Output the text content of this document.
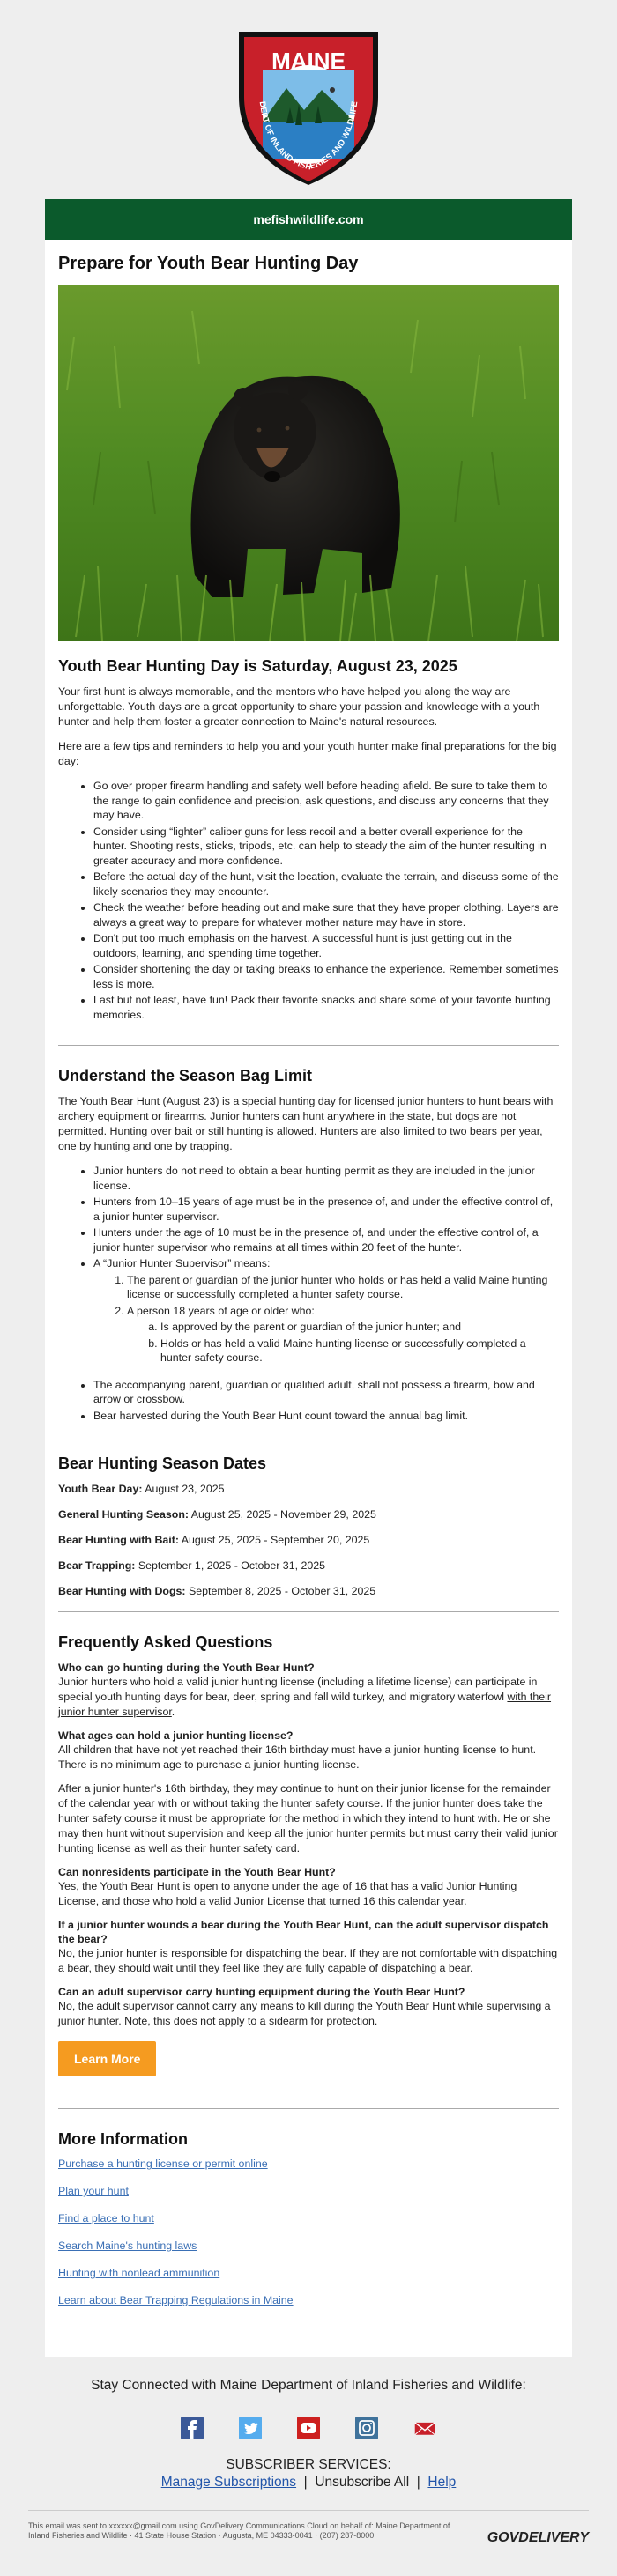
MAINE
DEPT OF INLAND FISHERIES AND WILDLIFE
mefishwildlife.com
Prepare for Youth Bear Hunting Day
Youth Bear Hunting Day is Saturday, August 23, 2025

Your first hunt is always memorable, and the mentors who have helped you along the way are unforgettable. Youth days are a great opportunity to share your passion and knowledge with a youth hunter and help them foster a greater connection to Maine's natural resources.

Here are a few tips and reminders to help you and your youth hunter make final preparations for the big day:

• Go over proper firearm handling and safety well before heading afield. Be sure to take them to the range to gain confidence and precision, ask questions, and discuss any concerns that they may have.
• Consider using “lighter” caliber guns for less recoil and a better overall experience for the hunter. Shooting rests, sticks, tripods, etc. can help to steady the aim of the hunter resulting in greater accuracy and more confidence.
• Before the actual day of the hunt, visit the location, evaluate the terrain, and discuss some of the likely scenarios they may encounter.
• Check the weather before heading out and make sure that they have proper clothing. Layers are always a great way to prepare for whatever mother nature may have in store.
• Don't put too much emphasis on the harvest. A successful hunt is just getting out in the outdoors, learning, and spending time together.
• Consider shortening the day or taking breaks to enhance the experience. Remember sometimes less is more.
• Last but not least, have fun! Pack their favorite snacks and share some of your favorite hunting memories.
Understand the Season Bag Limit

The Youth Bear Hunt (August 23) is a special hunting day for licensed junior hunters to hunt bears with archery equipment or firearms. Junior hunters can hunt anywhere in the state, but dogs are not permitted. Hunting over bait or still hunting is allowed. Hunters are also limited to two bears per year, one by hunting and one by trapping.

• Junior hunters do not need to obtain a bear hunting permit as they are included in the junior license.
• Hunters from 10–15 years of age must be in the presence of, and under the effective control of, a junior hunter supervisor.
• Hunters under the age of 10 must be in the presence of, and under the effective control of, a junior hunter supervisor who remains at all times within 20 feet of the hunter.
• A “Junior Hunter Supervisor” means:
1. The parent or guardian of the junior hunter who holds or has held a valid Maine hunting license or successfully completed a hunter safety course.
2. A person 18 years of age or older who:
a. Is approved by the parent or guardian of the junior hunter; and
b. Holds or has held a valid Maine hunting license or successfully completed a hunter safety course.
• The accompanying parent, guardian or qualified adult, shall not possess a firearm, bow and arrow or crossbow.
• Bear harvested during the Youth Bear Hunt count toward the annual bag limit.
Bear Hunting Season Dates

Youth Bear Day: August 23, 2025

General Hunting Season: August 25, 2025 - November 29, 2025

Bear Hunting with Bait: August 25, 2025 - September 20, 2025

Bear Trapping: September 1, 2025 - October 31, 2025

Bear Hunting with Dogs: September 8, 2025 - October 31, 2025

Frequently Asked Questions
Who can go hunting during the Youth Bear Hunt?

Junior hunters who hold a valid junior hunting license (including a lifetime license) can participate in special youth hunting days for bear, deer, spring and fall wild turkey, and migratory waterfowl with their junior hunter supervisor.

What ages can hold a junior hunting license?

All children that have not yet reached their 16th birthday must have a junior hunting license to hunt. There is no minimum age to purchase a junior hunting license.

After a junior hunter's 16th birthday, they may continue to hunt on their junior license for the remainder of the calendar year with or without taking the hunter safety course. If the junior hunter does take the hunter safety course it must be appropriate for the method in which they intend to hunt with. He or she may then hunt without supervision and keep all the junior hunter permits but must carry their valid junior hunting license as well as their hunter safety card.

Can nonresidents participate in the Youth Bear Hunt?

Yes, the Youth Bear Hunt is open to anyone under the age of 16 that has a valid Junior Hunting License, and those who hold a valid Junior License that turned 16 this calendar year.

If a junior hunter wounds a bear during the Youth Bear Hunt, can the adult supervisor dispatch the bear?

No, the junior hunter is responsible for dispatching the bear. If they are not comfortable with dispatching a bear, they should wait until they feel like they are fully capable of dispatching a bear.

Can an adult supervisor carry hunting equipment during the Youth Bear Hunt?

No, the adult supervisor cannot carry any means to kill during the Youth Bear Hunt while supervising a junior hunter. Note, this does not apply to a sidearm for protection.

Learn More
More Information
Purchase a hunting license or permit online
Plan your hunt
Find a place to hunt
Search Maine's hunting laws
Hunting with nonlead ammunition
Learn about Bear Trapping Regulations in Maine
Stay Connected with Maine Department of Inland Fisheries and Wildlife:
SUBSCRIBER SERVICES:
Manage Subscriptions  |  Unsubscribe All  |  Help
This email was sent to xxxxxx@gmail.com using GovDelivery Communications Cloud on behalf of: Maine Department of Inland Fisheries and Wildlife · 41 State House Station · Augusta, ME 04333-0041 · (207) 287-8000	GOVDELIVERY
